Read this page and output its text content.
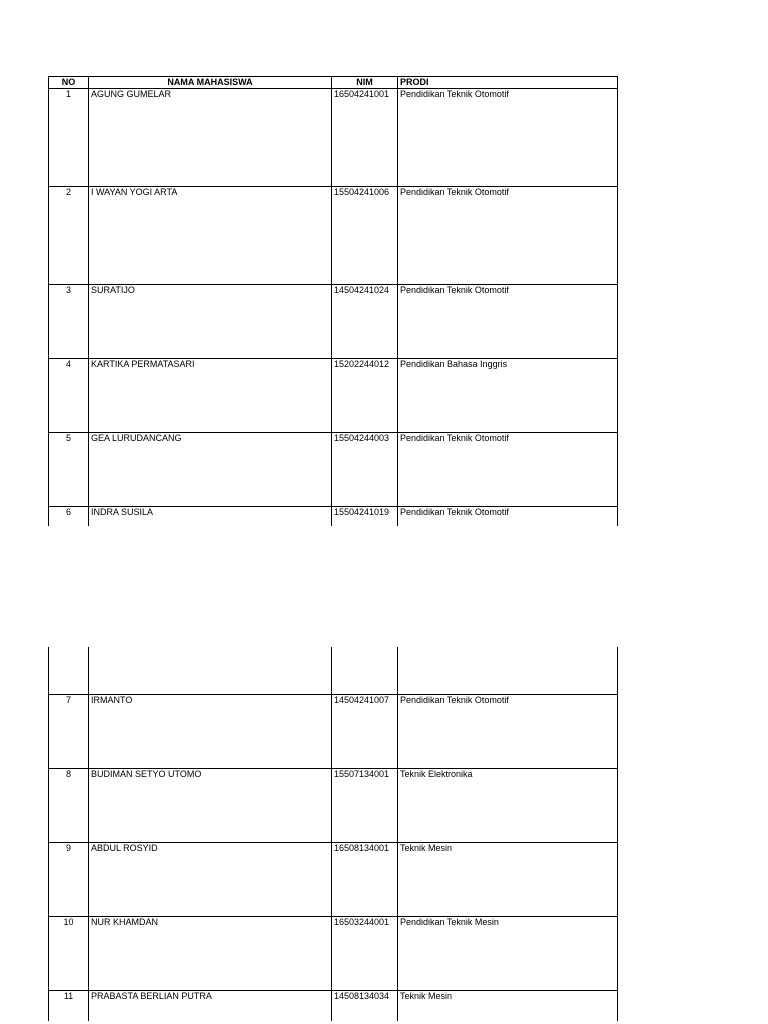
NO	NAMA MAHASISWA	NIM	PRODI
1	AGUNG GUMELAR	16504241001	Pendidikan Teknik Otomotif
2	I WAYAN YOGI ARTA	15504241006	Pendidikan Teknik Otomotif
3	SURATIJO	14504241024	Pendidikan Teknik Otomotif
4	KARTIKA PERMATASARI	15202244012	Pendidikan Bahasa Inggris
5	GEA LURUDANCANG	15504244003	Pendidikan Teknik Otomotif
6	INDRA SUSILA	15504241019	Pendidikan Teknik Otomotif

7	IRMANTO	14504241007	Pendidikan Teknik Otomotif
8	BUDIMAN SETYO UTOMO	15507134001	Teknik Elektronika
9	ABDUL ROSYID	16508134001	Teknik Mesin
10	NUR KHAMDAN	16503244001	Pendidikan Teknik Mesin
11	PRABASTA BERLIAN PUTRA	14508134034	Teknik Mesin
